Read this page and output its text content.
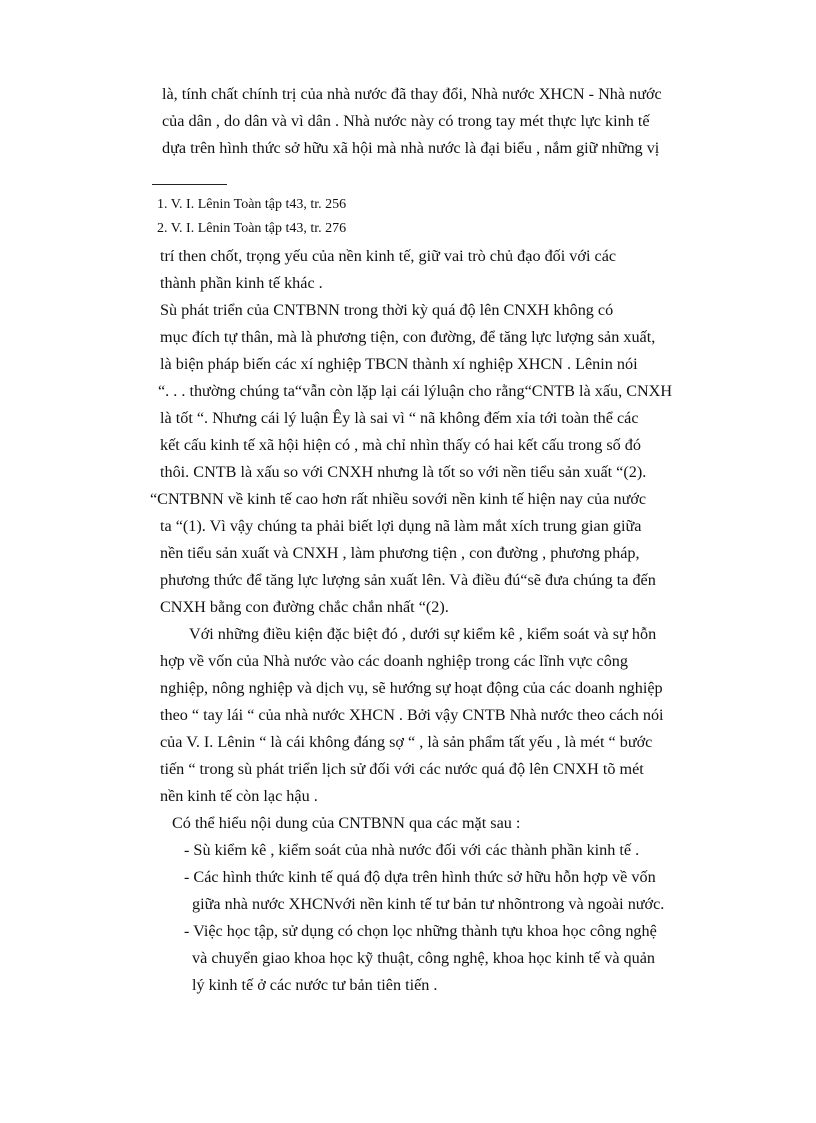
là, tính chất chính trị của nhà nước đã thay đổi, Nhà nước XHCN - Nhà nước
của dân , do dân và vì dân . Nhà nước này có trong tay mét thực lực kinh tế
dựa trên hình thức sở hữu xã hội mà nhà nước là đại biểu , nắm giữ những vị
1. V. I. Lênin Toàn tập t43, tr. 256
2. V. I. Lênin Toàn tập t43, tr. 276
trí then chốt, trọng yếu của nền kinh tế, giữ vai trò chủ đạo đối với các
thành phần kinh tế khác .
Sù phát triển của CNTBNN trong thời kỳ quá độ lên CNXH không có
mục đích tự thân, mà là phương tiện, con đường, để tăng lực lượng sản xuất,
là biện pháp biến các xí nghiệp TBCN thành xí nghiệp XHCN . Lênin nói
“. . . thường chúng ta“vẫn còn lặp lại cái lýluận cho rằng“CNTB là xấu, CNXH
là tốt “. Nhưng cái lý luận Êy là sai vì “ nã không đếm xỉa tới toàn thể các
kết cấu kinh tế xã hội hiện có , mà chỉ nhìn thấy có hai kết cấu trong số đó
thôi. CNTB là xấu so với CNXH nhưng là tốt so với nền tiểu sản xuất “(2).
“CNTBNN về kinh tế cao hơn rất nhiều sovới nền kinh tế hiện nay của nước
ta “(1). Vì vậy chúng ta phải biết lợi dụng nã làm mắt xích trung gian giữa
nền tiểu sản xuất và CNXH , làm phương tiện , con đường , phương pháp,
phương thức để tăng lực lượng sản xuất lên. Và điều đú“sẽ đưa chúng ta đến
CNXH bằng con đường chắc chắn nhất “(2).
Với những điều kiện đặc biệt đó , dưới sự kiểm kê , kiểm soát và sự hỗn
hợp về vốn của Nhà nước vào các doanh nghiệp trong các lĩnh vực công
nghiệp, nông nghiệp và dịch vụ, sẽ hướng sự hoạt động của các doanh nghiệp
theo “ tay lái “ của nhà nước XHCN . Bởi vậy CNTB Nhà nước theo cách nói
của V. I. Lênin “ là cái không đáng sợ “ , là sản phẩm tất yếu , là mét “ bước
tiến “ trong sù phát triển lịch sử đối với các nước quá độ lên CNXH tõ mét
nền kinh tế còn lạc hậu .
Có thể hiểu nội dung của CNTBNN qua các mặt sau :
- Sù kiểm kê , kiểm soát của nhà nước đối với các thành phần kinh tế .
- Các hình thức kinh tế quá độ dựa trên hình thức sở hữu hỗn hợp về vốn
giữa nhà nước XHCNvới nền kinh tế tư bản tư nhõntrong và ngoài nước.
- Việc học tập, sử dụng có chọn lọc những thành tựu khoa học công nghệ
và chuyển giao khoa học kỹ thuật, công nghệ, khoa học kinh tế và quản
lý kinh tế ở các nước tư bản tiên tiến .
